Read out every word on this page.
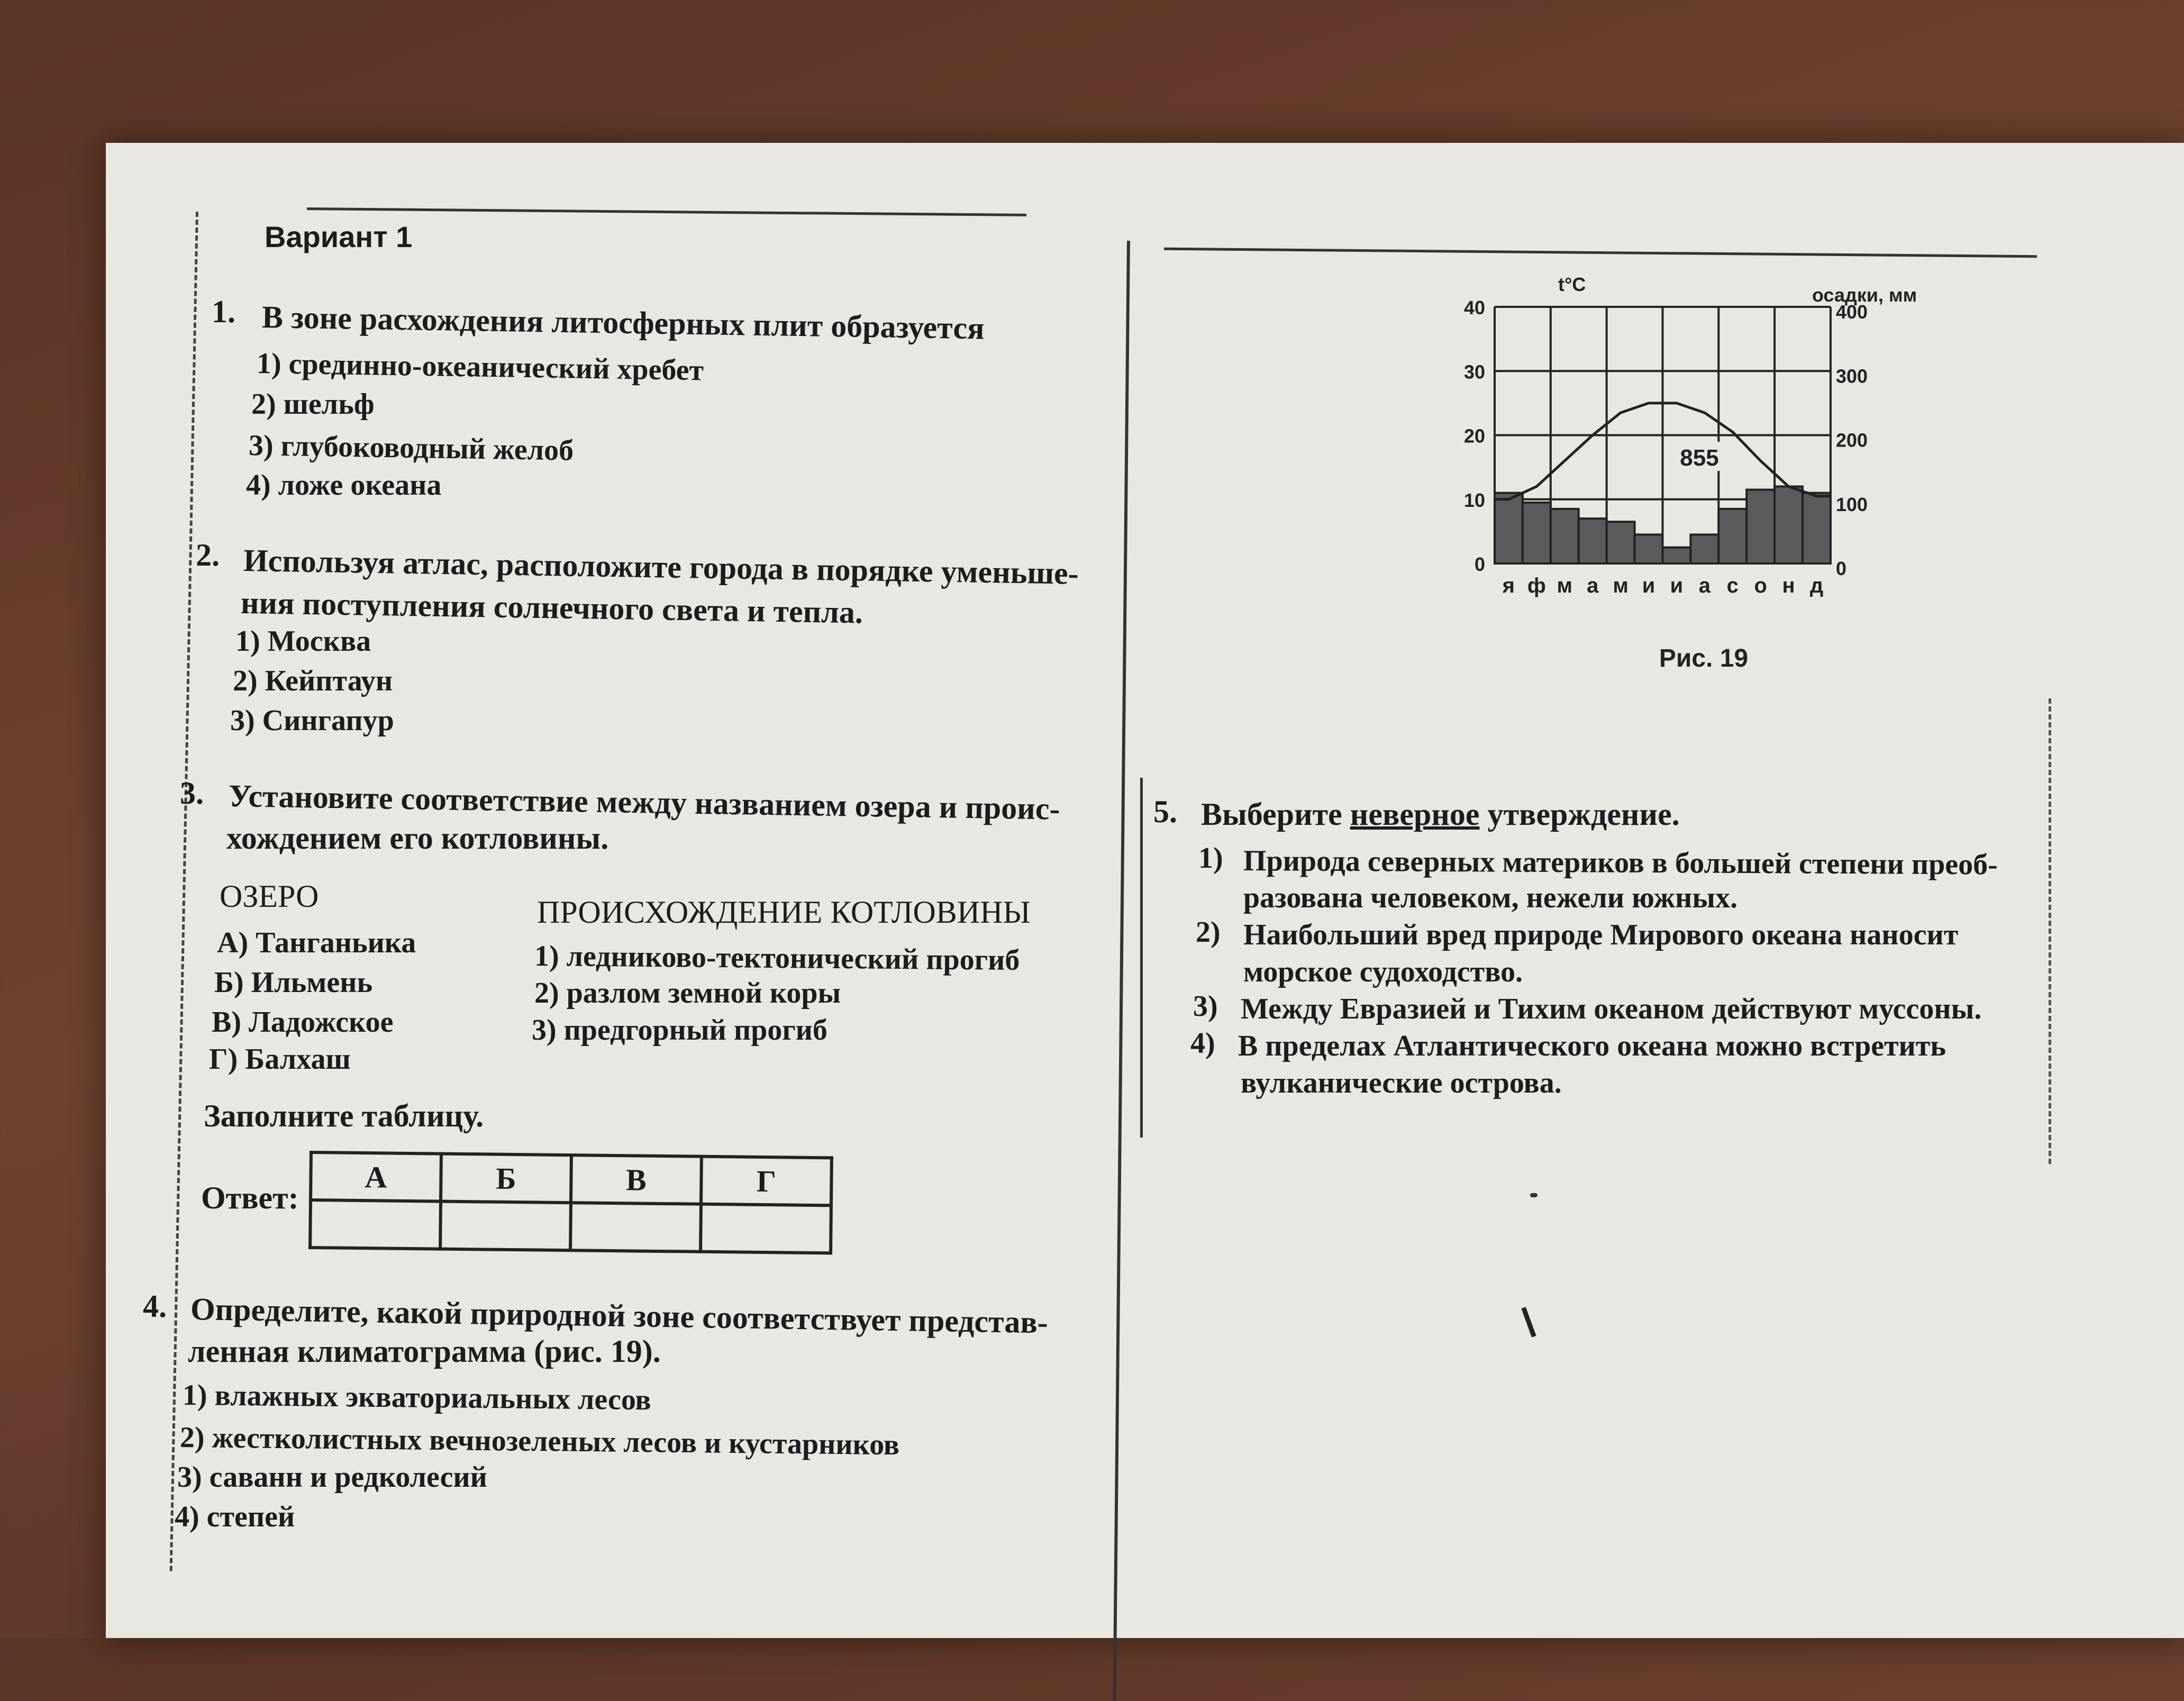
Вариант 1
1. В зоне расхождения литосферных плит образуется
1) срединно-океанический хребет
2) шельф
3) глубоководный желоб
4) ложе океана
2. Используя атлас, расположите города в порядке уменьше-
ния поступления солнечного света и тепла.
1) Москва
2) Кейптаун
3) Сингапур
3. Установите соответствие между названием озера и проис-
хождением его котловины.
ОЗЕРО	ПРОИСХОЖДЕНИЕ КОТЛОВИНЫ
А) Танганьика
Б) Ильмень
В) Ладожское
Г) Балхаш
1) ледниково-тектонический прогиб
2) разлом земной коры
3) предгорный прогиб
Заполните таблицу.
Ответ:
А	Б	В	Г

4. Определите, какой природной зоне соответствует представ-
ленная климатограмма (рис. 19).
1) влажных экваториальных лесов
2) жестколистных вечнозеленых лесов и кустарников
3) саванн и редколесий
4) степей
t°C	осадки, мм
40
30
20
10
0
400
300
200
100
0
я ф м а м и и а с о н д
855
Рис. 19
5. Выберите неверное утверждение.
1) Природа северных материков в большей степени преоб-
разована человеком, нежели южных.
2) Наибольший вред природе Мирового океана наносит
морское судоходство.
3) Между Евразией и Тихим океаном действуют муссоны.
4) В пределах Атлантического океана можно встретить
вулканические острова.
